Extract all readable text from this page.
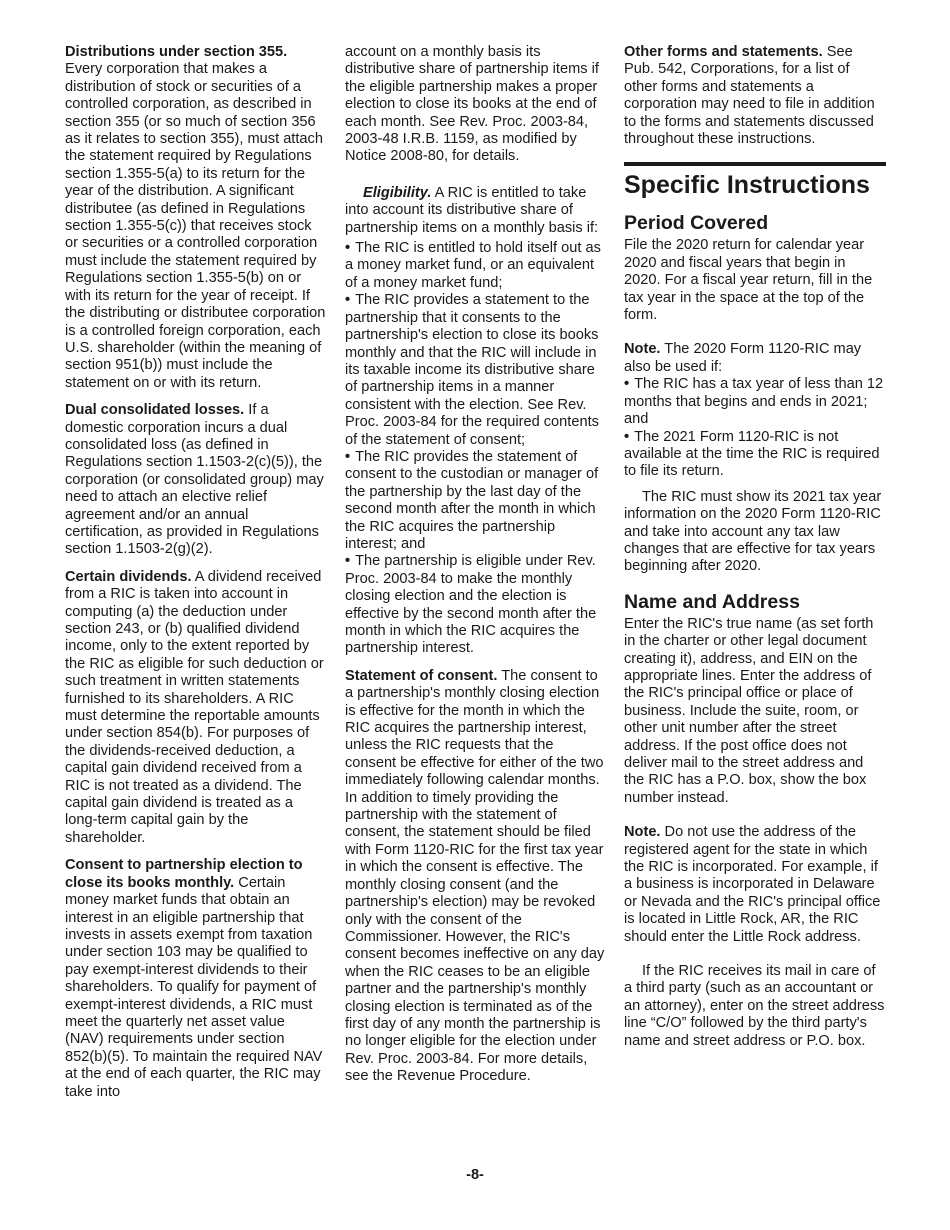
Distributions under section 355.
Every corporation that makes a distribution of stock or securities of a controlled corporation, as described in section 355 (or so much of section 356 as it relates to section 355), must attach the statement required by Regulations section 1.355-5(a) to its return for the year of the distribution. A significant distributee (as defined in Regulations section 1.355-5(c)) that receives stock or securities or a controlled corporation must include the statement required by Regulations section 1.355-5(b) on or with its return for the year of receipt. If the distributing or distributee corporation is a controlled foreign corporation, each U.S. shareholder (within the meaning of section 951(b)) must include the statement on or with its return.

Dual consolidated losses. If a domestic corporation incurs a dual consolidated loss (as defined in Regulations section 1.1503-2(c)(5)), the corporation (or consolidated group) may need to attach an elective relief agreement and/or an annual certification, as provided in Regulations section 1.1503-2(g)(2).

Certain dividends. A dividend received from a RIC is taken into account in computing (a) the deduction under section 243, or (b) qualified dividend income, only to the extent reported by the RIC as eligible for such deduction or such treatment in written statements furnished to its shareholders. A RIC must determine the reportable amounts under section 854(b). For purposes of the dividends-received deduction, a capital gain dividend received from a RIC is not treated as a dividend. The capital gain dividend is treated as a long-term capital gain by the shareholder.

Consent to partnership election to close its books monthly. Certain money market funds that obtain an interest in an eligible partnership that invests in assets exempt from taxation under section 103 may be qualified to pay exempt-interest dividends to their shareholders. To qualify for payment of exempt-interest dividends, a RIC must meet the quarterly net asset value (NAV) requirements under section 852(b)(5). To maintain the required NAV at the end of each quarter, the RIC may take into

account on a monthly basis its distributive share of partnership items if the eligible partnership makes a proper election to close its books at the end of each month. See Rev. Proc. 2003-84, 2003-48 I.R.B. 1159, as modified by Notice 2008-80, for details.

Eligibility. A RIC is entitled to take into account its distributive share of partnership items on a monthly basis if:

• The RIC is entitled to hold itself out as a money market fund, or an equivalent of a money market fund;
• The RIC provides a statement to the partnership that it consents to the partnership's election to close its books monthly and that the RIC will include in its taxable income its distributive share of partnership items in a manner consistent with the election. See Rev. Proc. 2003-84 for the required contents of the statement of consent;
• The RIC provides the statement of consent to the custodian or manager of the partnership by the last day of the second month after the month in which the RIC acquires the partnership interest; and
• The partnership is eligible under Rev. Proc. 2003-84 to make the monthly closing election and the election is effective by the second month after the month in which the RIC acquires the partnership interest.

Statement of consent. The consent to a partnership's monthly closing election is effective for the month in which the RIC acquires the partnership interest, unless the RIC requests that the consent be effective for either of the two immediately following calendar months. In addition to timely providing the partnership with the statement of consent, the statement should be filed with Form 1120-RIC for the first tax year in which the consent is effective. The monthly closing consent (and the partnership's election) may be revoked only with the consent of the Commissioner. However, the RIC's consent becomes ineffective on any day when the RIC ceases to be an eligible partner and the partnership's monthly closing election is terminated as of the first day of any month the partnership is no longer eligible for the election under Rev. Proc. 2003-84. For more details, see the Revenue Procedure.

Other forms and statements. See Pub. 542, Corporations, for a list of other forms and statements a corporation may need to file in addition to the forms and statements discussed throughout these instructions.

Specific Instructions
Period Covered

File the 2020 return for calendar year 2020 and fiscal years that begin in 2020. For a fiscal year return, fill in the tax year in the space at the top of the form.

Note. The 2020 Form 1120-RIC may also be used if:

• The RIC has a tax year of less than 12 months that begins and ends in 2021; and
• The 2021 Form 1120-RIC is not available at the time the RIC is required to file its return.

The RIC must show its 2021 tax year information on the 2020 Form 1120-RIC and take into account any tax law changes that are effective for tax years beginning after 2020.

Name and Address

Enter the RIC's true name (as set forth in the charter or other legal document creating it), address, and EIN on the appropriate lines. Enter the address of the RIC's principal office or place of business. Include the suite, room, or other unit number after the street address. If the post office does not deliver mail to the street address and the RIC has a P.O. box, show the box number instead.

Note. Do not use the address of the registered agent for the state in which the RIC is incorporated. For example, if a business is incorporated in Delaware or Nevada and the RIC's principal office is located in Little Rock, AR, the RIC should enter the Little Rock address.

If the RIC receives its mail in care of a third party (such as an accountant or an attorney), enter on the street address line “C/O” followed by the third party's name and street address or P.O. box.

-8-
